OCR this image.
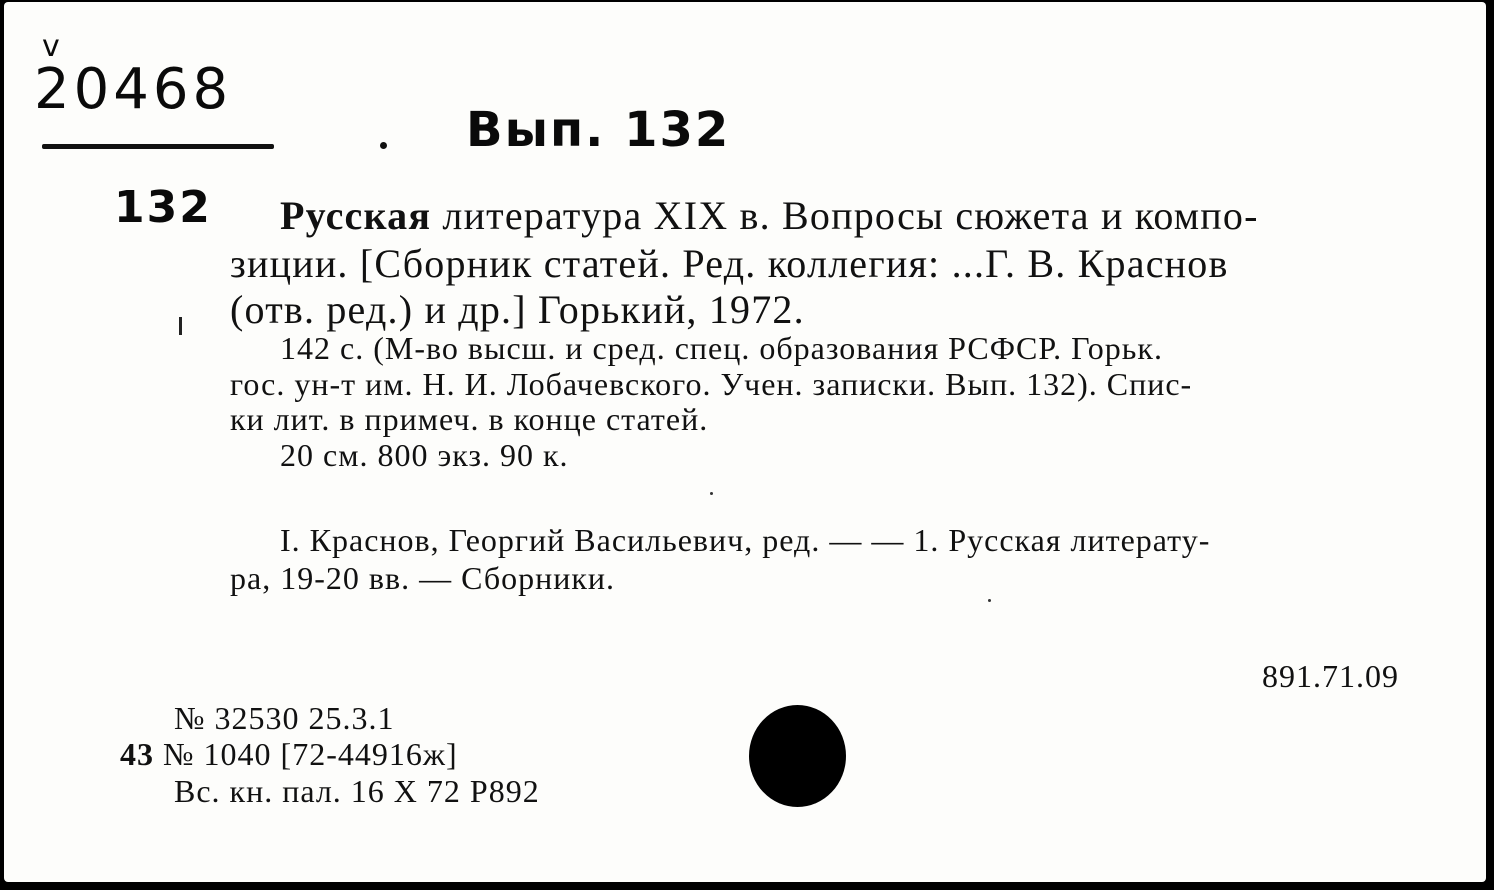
v
20468
Вып. 132
132 Русская литература XIX в. Вопросы сюжета и компо-
зиции. [Сборник статей. Ред. коллегия: ...Г. В. Краснов
(отв. ред.) и др.] Горький, 1972.
142 с. (М-во высш. и сред. спец. образования РСФСР. Горьк.
гос. ун-т им. Н. И. Лобачевского. Учен. записки. Вып. 132). Спис-
ки лит. в примеч. в конце статей.
20 см. 800 экз. 90 к.
I. Краснов, Георгий Васильевич, ред. — — 1. Русская литерату-
ра, 19-20 вв. — Сборники.
891.71.09
№ 32530 25.3.1
43 № 1040 [72-44916ж]
Вс. кн. пал. 16 X 72 Р892
